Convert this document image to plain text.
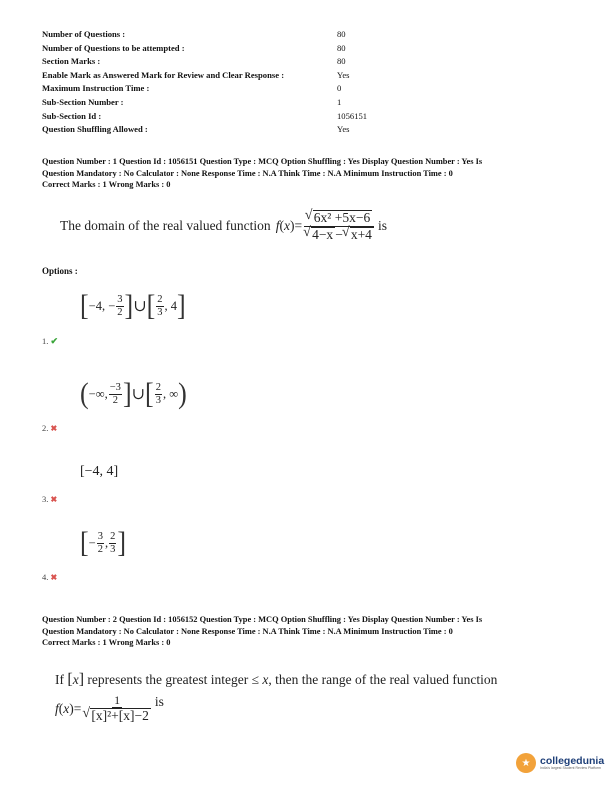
Number of Questions :	80
Number of Questions to be attempted :	80
Section Marks :	80
Enable Mark as Answered Mark for Review and Clear Response :	Yes
Maximum Instruction Time :	0
Sub-Section Number :	1
Sub-Section Id :	1056151
Question Shuffling Allowed :	Yes
Question Number : 1 Question Id : 1056151 Question Type : MCQ Option Shuffling : Yes Display Question Number : Yes Is
Question Mandatory : No Calculator : None Response Time : N.A Think Time : N.A Minimum Instruction Time : 0
Correct Marks : 1 Wrong Marks : 0
The domain of the real valued function f ( x )= √ 6x² +5x−6
√ 4−x − √ x+4 is
Options :
[ −4, − $\frac{3}{2}$ ] ∪ [ $\frac{2}{3}$ , 4 ]
1. ✔
( −∞, $\frac{-3}{2}$ ] ∪ [ $\frac{2}{3}$ , ∞ )
2. ✖
[−4, 4]
3. ✖
[ − $\frac{3}{2}$ , $\frac{2}{3}$ ]
4. ✖
Question Number : 2 Question Id : 1056152 Question Type : MCQ Option Shuffling : Yes Display Question Number : Yes Is
Question Mandatory : No Calculator : None Response Time : N.A Think Time : N.A Minimum Instruction Time : 0
Correct Marks : 1 Wrong Marks : 0
If [x] represents the greatest integer ≤ x, then the range of the real valued function
f ( x )= 1
√ [x]²+[x]−2 is
★ collegedunia
India's largest Student Review Platform
